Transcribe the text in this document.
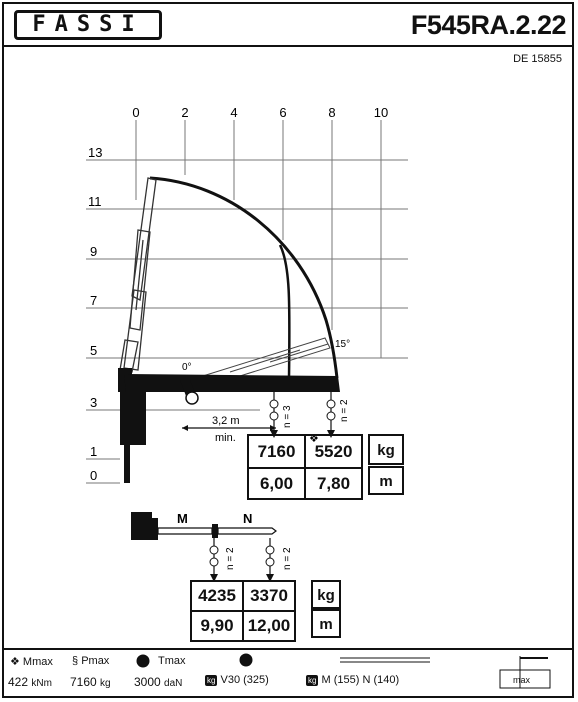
FASSI	F545RA.2.22
DE 15855
0	2	4	6	8	10
13
11
9
7
5
3
1
0
0°
15°
3,2 m
min.
n = 3	n = 2
❖
M	N
n = 2	n = 2
7160	5520
6,00	7,80
kg
m
4235	3370
9,90	12,00
kg
m
❖ Mmax § Pmax	Tmax
422 kNm 7160 kg 3000 daN	kg V30 (325)	kg M (155) N (140)	max
